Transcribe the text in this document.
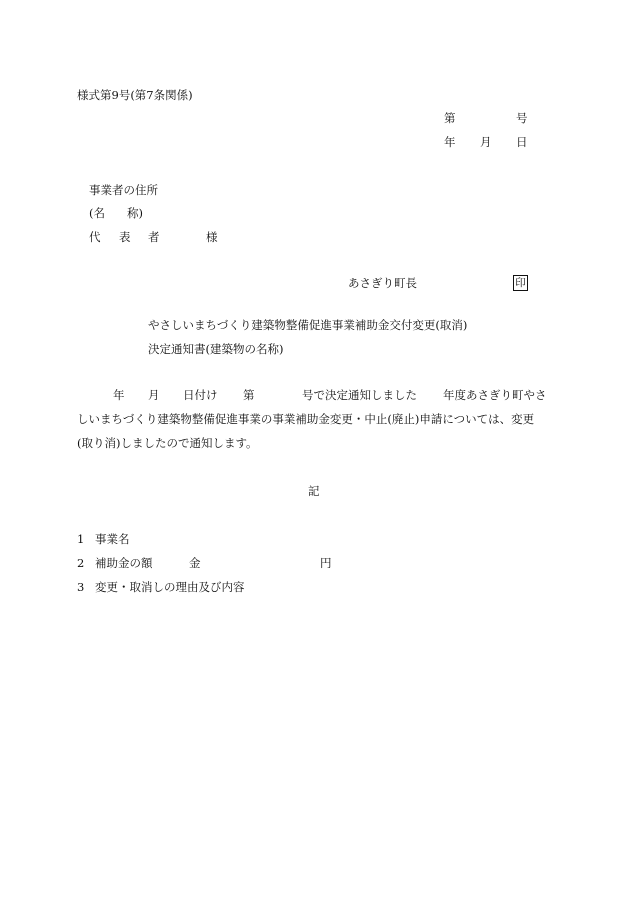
様式第9号(第7条関係)
第	号
年 月 日
事業者の住所
(名 称)
代 表 者	様
あさぎり町長	印
やさしいまちづくり建築物整備促進事業補助金交付変更(取消)
決定通知書(建築物の名称)
年 月 日付け 第	号で決定通知しました 年度あさぎり町やさ
しいまちづくり建築物整備促進事業の事業補助金変更・中止(廃止)申請については、変更
(取り消)しましたので通知します。
記
1 事業名
2 補助金の額	金	円
3 変更・取消しの理由及び内容
